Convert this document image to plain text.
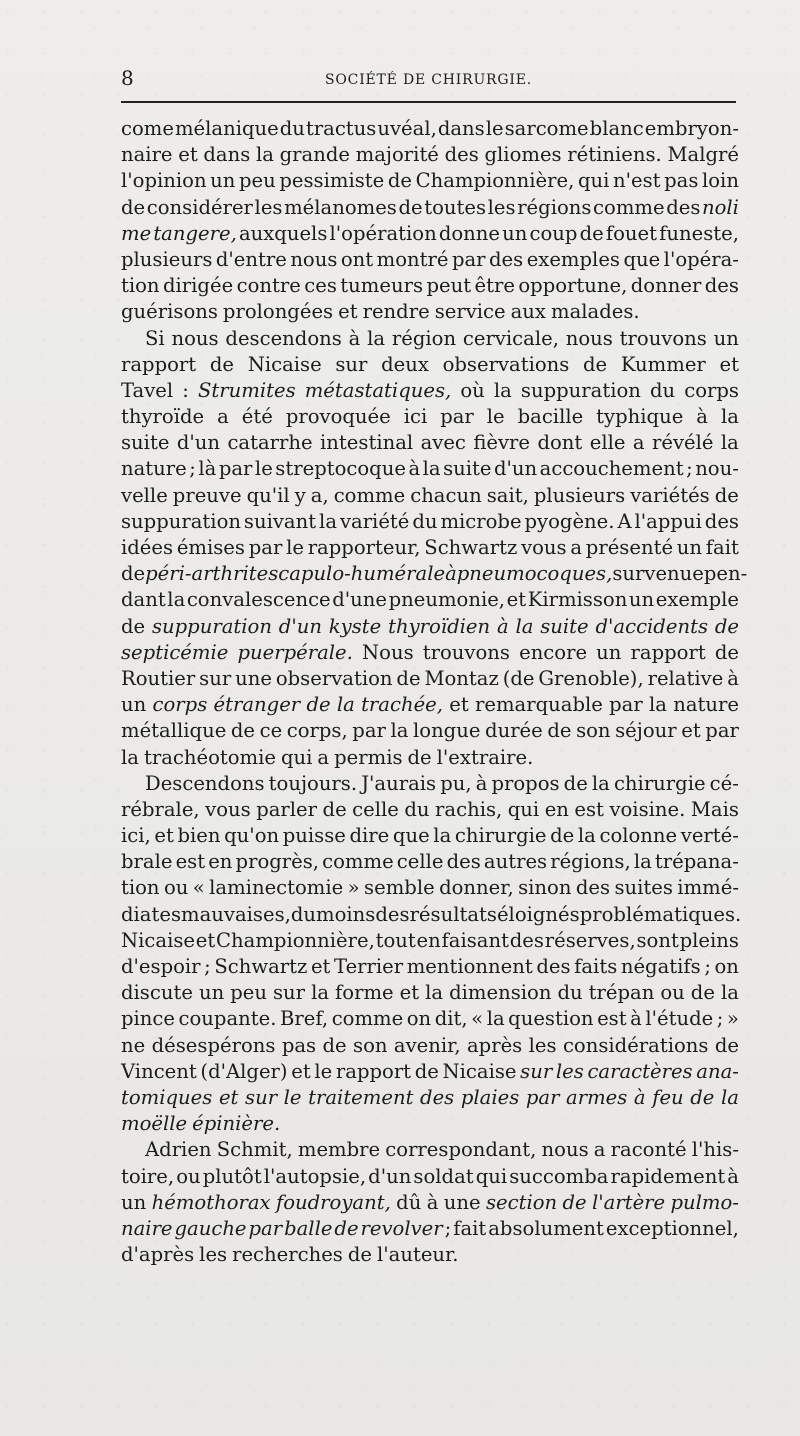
8	SOCIÉTÉ DE CHIRURGIE.
come mélanique du tractus uvéal, dans le sarcome blanc embryon-
naire et dans la grande majorité des gliomes rétiniens. Malgré
l'opinion un peu pessimiste de Championnière, qui n'est pas loin
de considérer les mélanomes de toutes les régions comme des noli
me tangere, auxquels l'opération donne un coup de fouet funeste,
plusieurs d'entre nous ont montré par des exemples que l'opéra-
tion dirigée contre ces tumeurs peut être opportune, donner des
guérisons prolongées et rendre service aux malades.
Si nous descendons à la région cervicale, nous trouvons un
rapport de Nicaise sur deux observations de Kummer et
Tavel : Strumites métastatiques, où la suppuration du corps
thyroïde a été provoquée ici par le bacille typhique à la
suite d'un catarrhe intestinal avec fièvre dont elle a révélé la
nature ; là par le streptocoque à la suite d'un accouchement ; nou-
velle preuve qu'il y a, comme chacun sait, plusieurs variétés de
suppuration suivant la variété du microbe pyogène. A l'appui des
idées émises par le rapporteur, Schwartz vous a présenté un fait
de péri-arthrite scapulo-humérale à pneumocoques, survenue pen-
dant la convalescence d'une pneumonie, et Kirmisson un exemple
de suppuration d'un kyste thyroïdien à la suite d'accidents de
septicémie puerpérale. Nous trouvons encore un rapport de
Routier sur une observation de Montaz (de Grenoble), relative à
un corps étranger de la trachée, et remarquable par la nature
métallique de ce corps, par la longue durée de son séjour et par
la trachéotomie qui a permis de l'extraire.
Descendons toujours. J'aurais pu, à propos de la chirurgie cé-
rébrale, vous parler de celle du rachis, qui en est voisine. Mais
ici, et bien qu'on puisse dire que la chirurgie de la colonne verté-
brale est en progrès, comme celle des autres régions, la trépana-
tion ou « laminectomie » semble donner, sinon des suites immé-
diates mauvaises, du moins des résultats éloignés problématiques.
Nicaise et Championnière, tout en faisant des réserves, sont pleins
d'espoir ; Schwartz et Terrier mentionnent des faits négatifs ; on
discute un peu sur la forme et la dimension du trépan ou de la
pince coupante. Bref, comme on dit, « la question est à l'étude ; »
ne désespérons pas de son avenir, après les considérations de
Vincent (d'Alger) et le rapport de Nicaise sur les caractères ana-
tomiques et sur le traitement des plaies par armes à feu de la
moëlle épinière.
Adrien Schmit, membre correspondant, nous a raconté l'his-
toire, ou plutôt l'autopsie, d'un soldat qui succomba rapidement à
un hémothorax foudroyant, dû à une section de l'artère pulmo-
naire gauche par balle de revolver ; fait absolument exceptionnel,
d'après les recherches de l'auteur.
